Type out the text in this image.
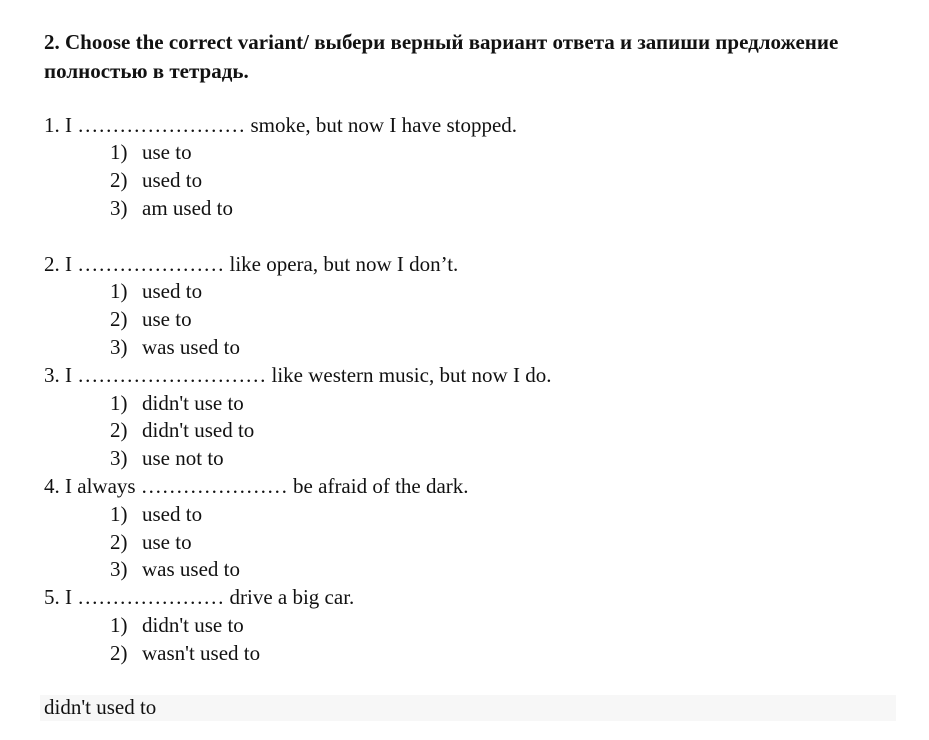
2. Choose the correct variant/ выбери верный вариант ответа и запиши предложение полностью в тетрадь.

1. I …………………… smoke, but now I have stopped.

1) use to

2) used to

3) am used to

2. I ………………… like opera, but now I don’t.

1) used to

2) use to

3) was used to

3. I ……………………… like western music, but now I do.

1) didn't use to

2) didn't used to

3) use not to

4. I always ………………… be afraid of the dark.

1) used to

2) use to

3) was used to

5. I ………………… drive a big car.

1) didn't use to

2) wasn't used to

didn't used to
